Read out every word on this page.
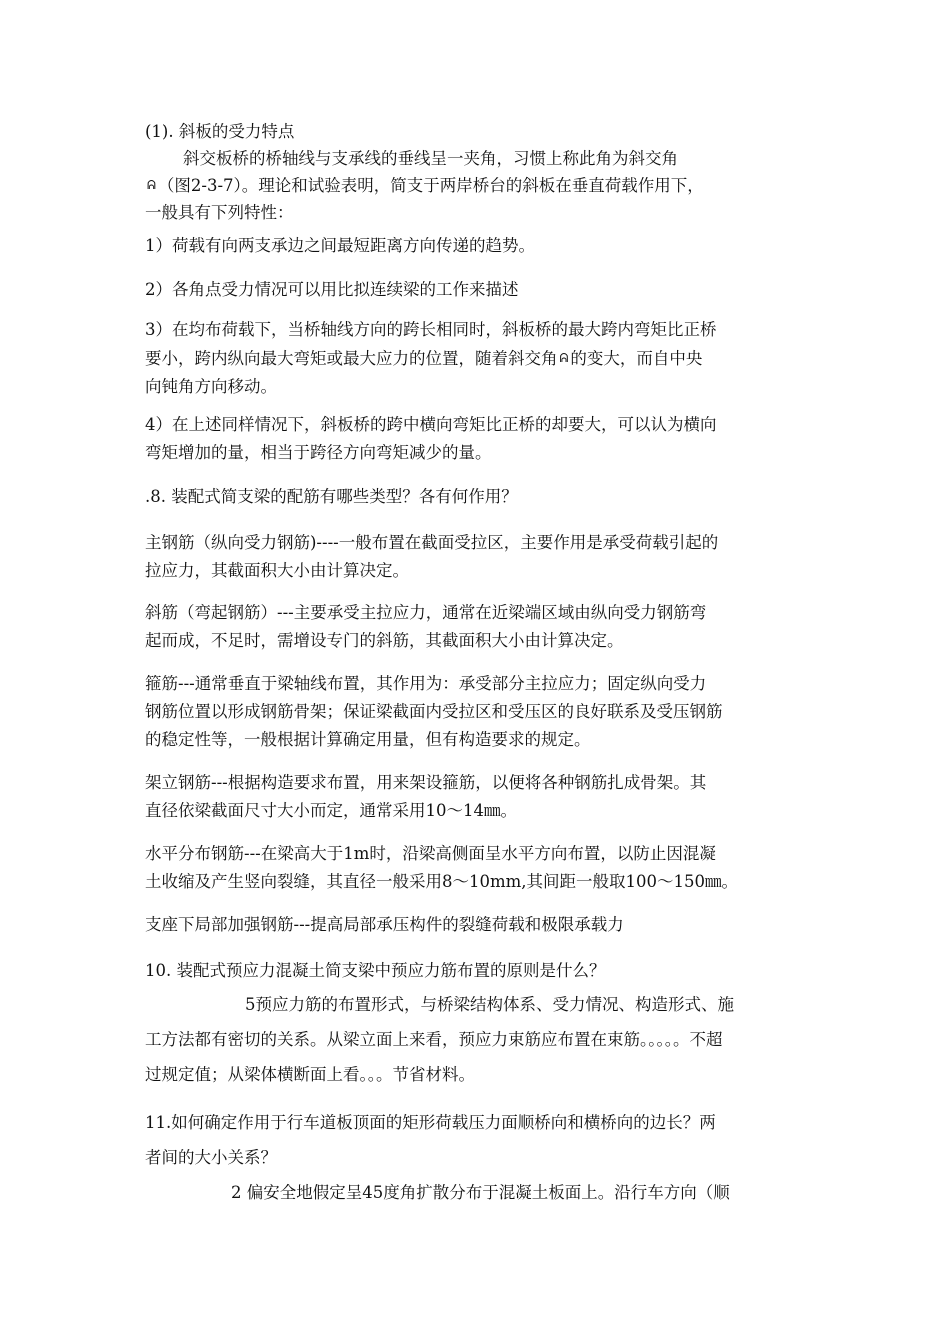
(1). 斜板的受力特点
斜交板桥的桥轴线与支承线的垂线呈一夹角，习惯上称此角为斜交角
ᕱ （图2-3-7）。理论和试验表明，简支于两岸桥台的斜板在垂直荷载作用下，
一般具有下列特性：
1）荷载有向两支承边之间最短距离方向传递的趋势。
2）各角点受力情况可以用比拟连续梁的工作来描述
3）在均布荷载下，当桥轴线方向的跨长相同时，斜板桥的最大跨内弯矩比正桥
要小，跨内纵向最大弯矩或最大应力的位置，随着斜交角 ᕱ 的变大，而自中央
向钝角方向移动。
4）在上述同样情况下，斜板桥的跨中横向弯矩比正桥的却要大，可以认为横向
弯矩增加的量，相当于跨径方向弯矩减少的量。
.8. 装配式简支梁的配筋有哪些类型？各有何作用？
主钢筋（纵向受力钢筋)----一般布置在截面受拉区，主要作用是承受荷载引起的
拉应力，其截面积大小由计算决定。
斜筋（弯起钢筋）---主要承受主拉应力，通常在近梁端区域由纵向受力钢筋弯
起而成，不足时，需增设专门的斜筋，其截面积大小由计算决定。
箍筋---通常垂直于梁轴线布置，其作用为：承受部分主拉应力；固定纵向受力
钢筋位置以形成钢筋骨架；保证梁截面内受拉区和受压区的良好联系及受压钢筋
的稳定性等，一般根据计算确定用量，但有构造要求的规定。
架立钢筋---根据构造要求布置，用来架设箍筋，以便将各种钢筋扎成骨架。其
直径依梁截面尺寸大小而定，通常采用10～14㎜。
水平分布钢筋---在梁高大于1m时，沿梁高侧面呈水平方向布置，以防止因混凝
土收缩及产生竖向裂缝，其直径一般采用8～10mm,其间距一般取100～150㎜。
支座下局部加强钢筋---提高局部承压构件的裂缝荷载和极限承载力
10. 装配式预应力混凝土简支梁中预应力筋布置的原则是什么？
5预应力筋的布置形式，与桥梁结构体系、受力情况、构造形式、施
工方法都有密切的关系。从梁立面上来看，预应力束筋应布置在束筋。。。。。不超
过规定值；从梁体横断面上看。。。节省材料。
11.如何确定作用于行车道板顶面的矩形荷载压力面顺桥向和横桥向的边长？两
者间的大小关系？
2 偏安全地假定呈45度角扩散分布于混凝土板面上。沿行车方向（顺
